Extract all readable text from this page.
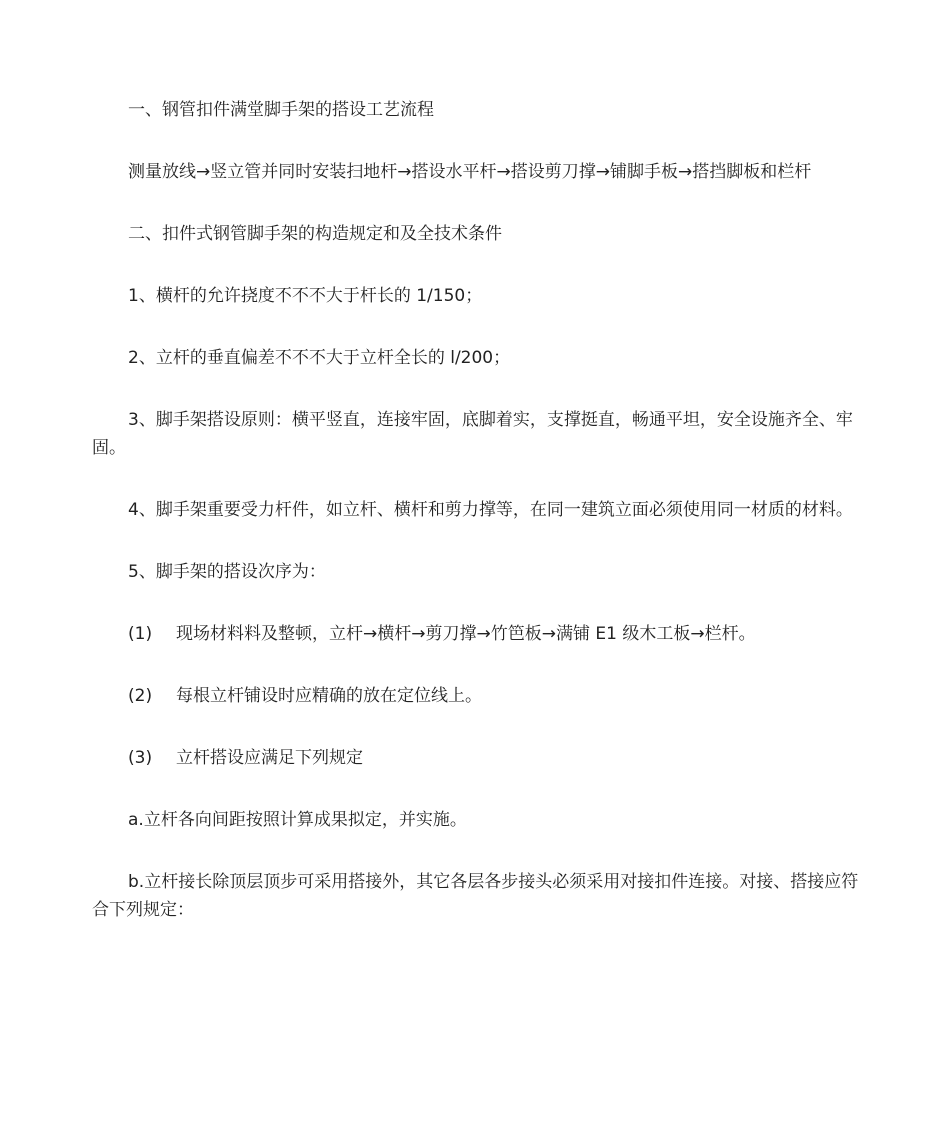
一、钢管扣件满堂脚手架的搭设工艺流程

测量放线→竖立管并同时安装扫地杆→搭设水平杆→搭设剪刀撑→铺脚手板→搭挡脚板和栏杆

二、扣件式钢管脚手架的构造规定和及全技术条件

1、横杆的允许挠度不不不大于杆长的 1/150；

2、立杆的垂直偏差不不不大于立杆全长的 l/200；

3、脚手架搭设原则：横平竖直，连接牢固，底脚着实，支撑挺直，畅通平坦，安全设施齐全、牢固。

4、脚手架重要受力杆件，如立杆、横杆和剪力撑等，在同一建筑立面必须使用同一材质的材料。

5、脚手架的搭设次序为：

(1)	现场材料料及整顿，立杆→横杆→剪刀撑→竹笆板→满铺 E1 级木工板→栏杆。
(2)	每根立杆铺设时应精确的放在定位线上。
(3)	立杆搭设应满足下列规定

a.立杆各向间距按照计算成果拟定，并实施。

b.立杆接长除顶层顶步可采用搭接外，其它各层各步接头必须采用对接扣件连接。对接、搭接应符合下列规定：
